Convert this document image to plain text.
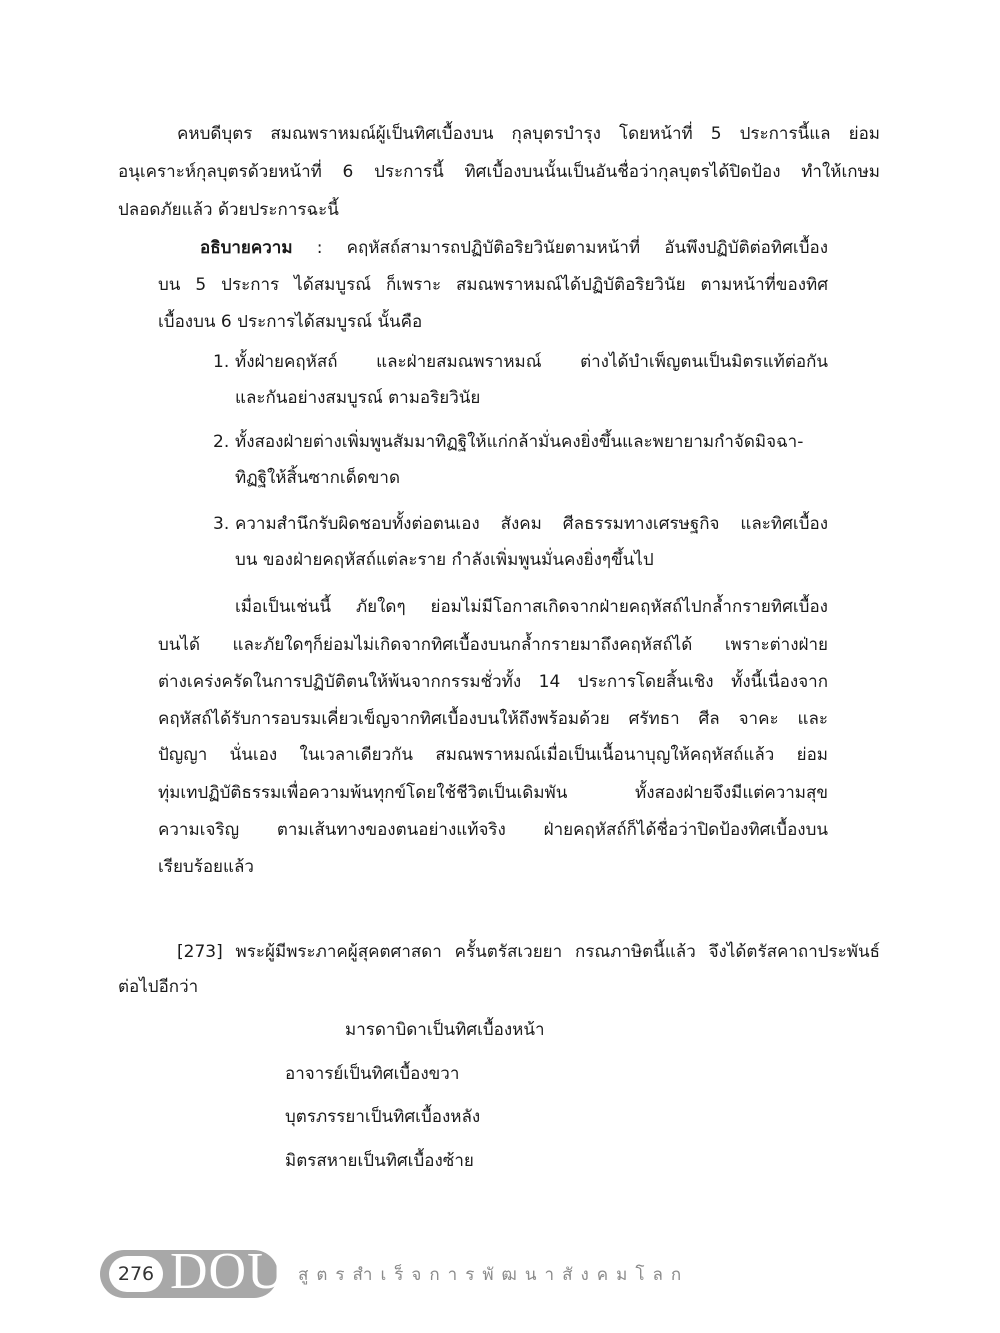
คหบดีบุตร สมณพราหมณ์ผู้เป็นทิศเบื้องบน กุลบุตรบำรุง โดยหน้าที่ 5 ประการนี้แล ย่อม
อนุเคราะห์กุลบุตรด้วยหน้าที่ 6 ประการนี้ ทิศเบื้องบนนั้นเป็นอันชื่อว่ากุลบุตรได้ปิดป้อง ทำให้เกษม
ปลอดภัยแล้ว ด้วยประการฉะนี้
อธิบายความ : คฤหัสถ์สามารถปฏิบัติอริยวินัยตามหน้าที่ อันพึงปฏิบัติต่อทิศเบื้อง
บน 5 ประการ ได้สมบูรณ์ ก็เพราะ สมณพราหมณ์ได้ปฏิบัติอริยวินัย ตามหน้าที่ของทิศ
เบื้องบน 6 ประการได้สมบูรณ์ นั้นคือ
1. ทั้งฝ่ายคฤหัสถ์ และฝ่ายสมณพราหมณ์ ต่างได้บำเพ็ญตนเป็นมิตรแท้ต่อกัน
และกันอย่างสมบูรณ์ ตามอริยวินัย
2. ทั้งสองฝ่ายต่างเพิ่มพูนสัมมาทิฏฐิให้แก่กล้ามั่นคงยิ่งขึ้นและพยายามกำจัดมิจฉา-
ทิฏฐิให้สิ้นซากเด็ดขาด
3. ความสำนึกรับผิดชอบทั้งต่อตนเอง สังคม ศีลธรรมทางเศรษฐกิจ และทิศเบื้อง
บน ของฝ่ายคฤหัสถ์แต่ละราย กำลังเพิ่มพูนมั่นคงยิ่งๆขึ้นไป
เมื่อเป็นเช่นนี้ ภัยใดๆ ย่อมไม่มีโอกาสเกิดจากฝ่ายคฤหัสถ์ไปกล้ำกรายทิศเบื้อง
บนได้ และภัยใดๆก็ย่อมไม่เกิดจากทิศเบื้องบนกล้ำกรายมาถึงคฤหัสถ์ได้ เพราะต่างฝ่าย
ต่างเคร่งครัดในการปฏิบัติตนให้พ้นจากกรรมชั่วทั้ง 14 ประการโดยสิ้นเชิง ทั้งนี้เนื่องจาก
คฤหัสถ์ได้รับการอบรมเคี่ยวเข็ญจากทิศเบื้องบนให้ถึงพร้อมด้วย ศรัทธา ศีล จาคะ และ
ปัญญา นั่นเอง ในเวลาเดียวกัน สมณพราหมณ์เมื่อเป็นเนื้อนาบุญให้คฤหัสถ์แล้ว ย่อม
ทุ่มเทปฏิบัติธรรมเพื่อความพ้นทุกข์โดยใช้ชีวิตเป็นเดิมพัน ทั้งสองฝ่ายจึงมีแต่ความสุข
ความเจริญ ตามเส้นทางของตนอย่างแท้จริง ฝ่ายคฤหัสถ์ก็ได้ชื่อว่าปิดป้องทิศเบื้องบน
เรียบร้อยแล้ว
[273] พระผู้มีพระภาคผู้สุคตศาสดา ครั้นตรัสเวยยา กรณภาษิตนี้แล้ว จึงได้ตรัสคาถาประพันธ์
ต่อไปอีกว่า
มารดาบิดาเป็นทิศเบื้องหน้า
อาจารย์เป็นทิศเบื้องขวา
บุตรภรรยาเป็นทิศเบื้องหลัง
มิตรสหายเป็นทิศเบื้องซ้าย
276 DOU สูตรสำเร็จการพัฒนาสังคมโลก
